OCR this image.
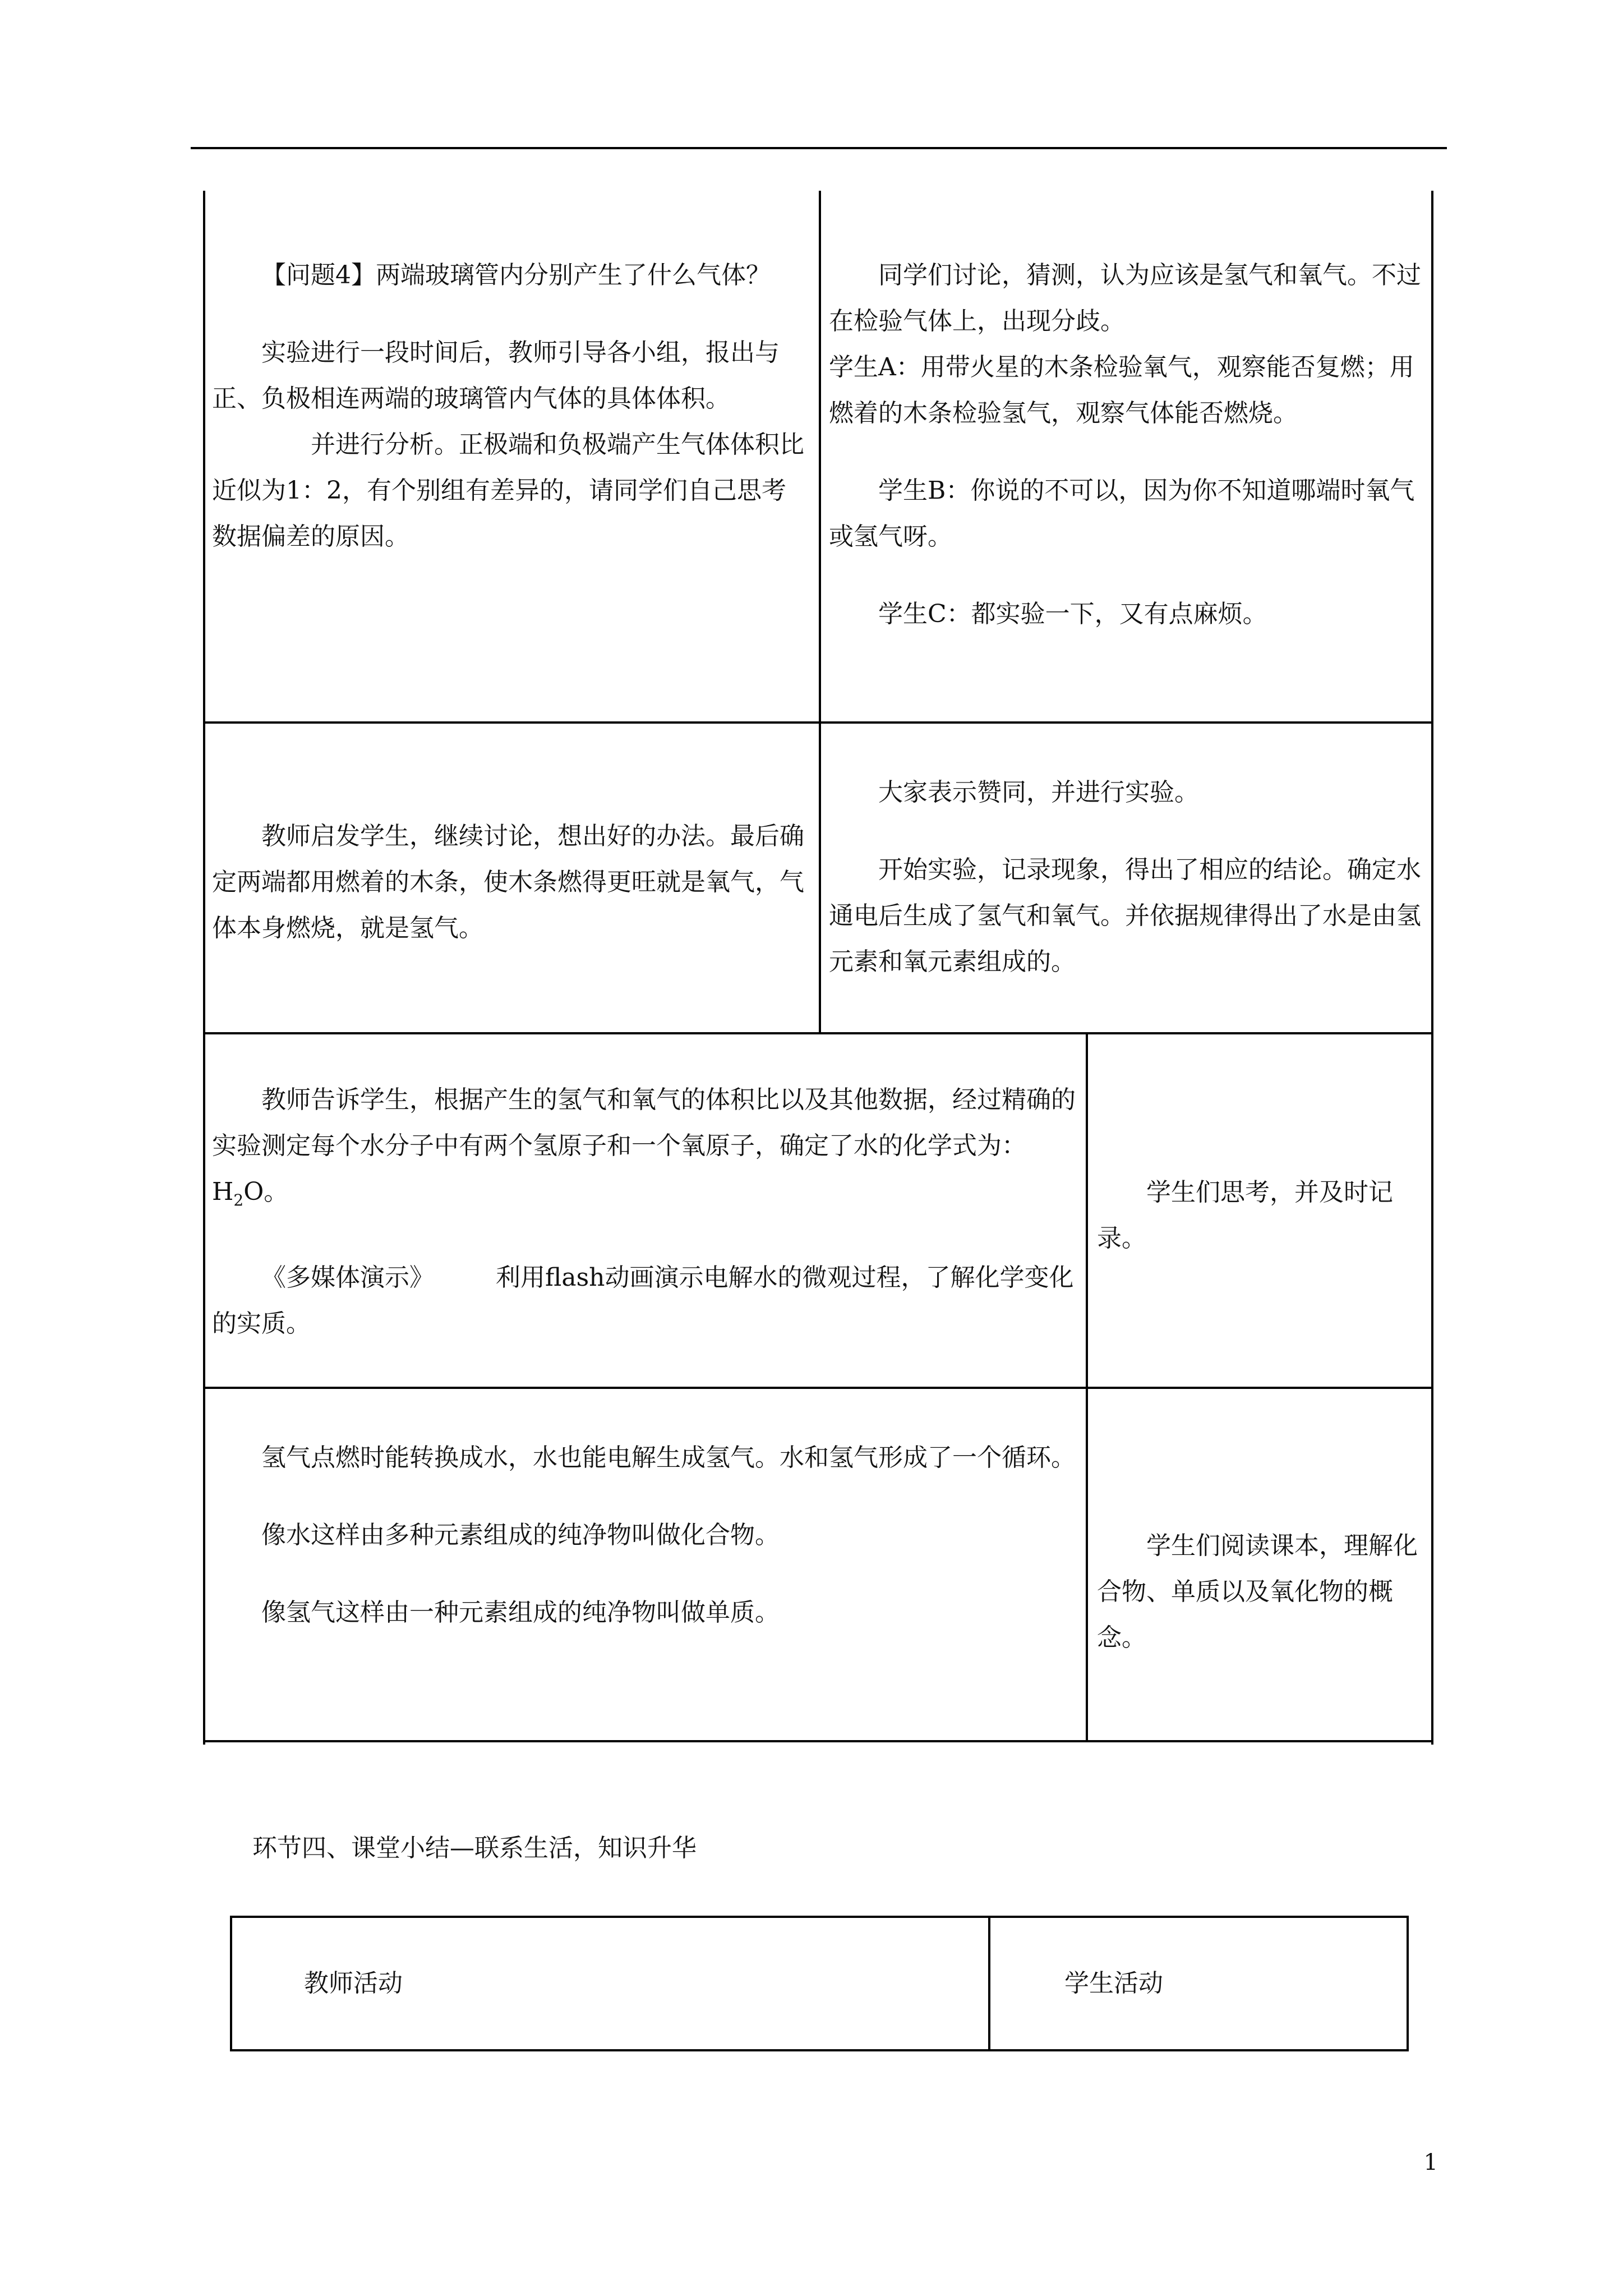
【问题4】两端玻璃管内分别产生了什么气体？

实验进行一段时间后，教师引导各小组，报出与正、负极相连两端的玻璃管内气体的具体体积。

并进行分析。正极端和负极端产生气体体积比近似为1：2，有个别组有差异的，请同学们自己思考数据偏差的原因。

同学们讨论，猜测，认为应该是氢气和氧气。不过在检验气体上，出现分歧。

学生A：用带火星的木条检验氧气，观察能否复燃；用燃着的木条检验氢气，观察气体能否燃烧。

学生B：你说的不可以，因为你不知道哪端时氧气或氢气呀。

学生C：都实验一下，又有点麻烦。

教师启发学生，继续讨论，想出好的办法。最后确定两端都用燃着的木条，使木条燃得更旺就是氧气，气体本身燃烧，就是氢气。

大家表示赞同，并进行实验。

开始实验，记录现象，得出了相应的结论。确定水通电后生成了氢气和氧气。并依据规律得出了水是由氢元素和氧元素组成的。

教师告诉学生，根据产生的氢气和氧气的体积比以及其他数据，经过精确的实验测定每个水分子中有两个氢原子和一个氧原子，确定了水的化学式为：$H_2O$。

《多媒体演示》	利用flash动画演示电解水的微观过程，了解化学变化的实质。

学生们思考，并及时记录。

氢气点燃时能转换成水，水也能电解生成氢气。水和氢气形成了一个循环。

像水这样由多种元素组成的纯净物叫做化合物。

像氢气这样由一种元素组成的纯净物叫做单质。

学生们阅读课本，理解化合物、单质以及氧化物的概念。

环节四、课堂小结—联系生活，知识升华
教师活动	学生活动
1
